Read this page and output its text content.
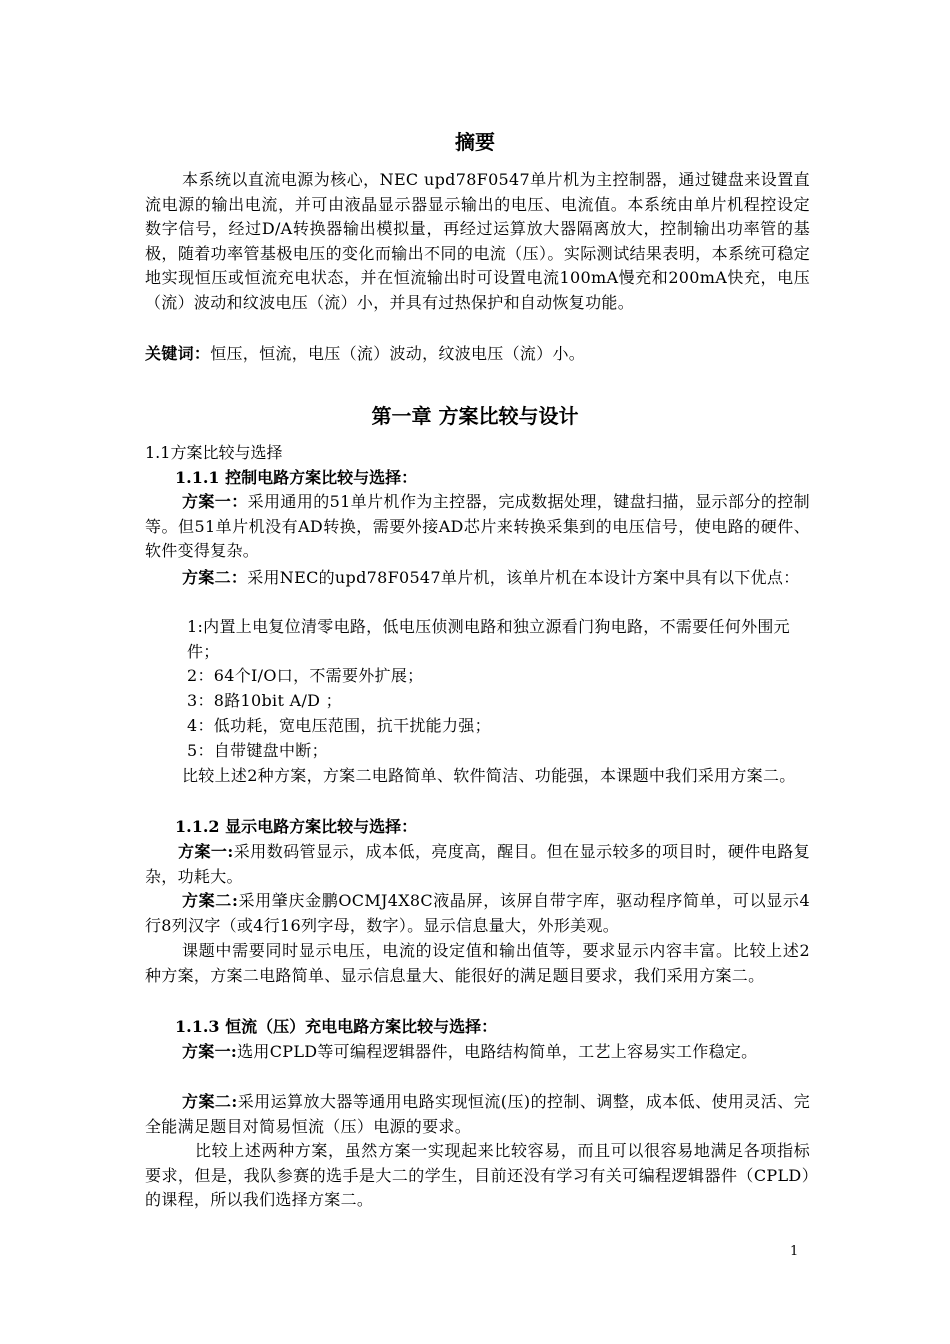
摘要

本系统以直流电源为核心，NEC upd78F0547单片机为主控制器，通过键盘来设置直流电源的输出电流，并可由液晶显示器显示输出的电压、电流值。本系统由单片机程控设定数字信号，经过D/A转换器输出模拟量，再经过运算放大器隔离放大，控制输出功率管的基极，随着功率管基极电压的变化而输出不同的电流（压）。实际测试结果表明，本系统可稳定地实现恒压或恒流充电状态，并在恒流输出时可设置电流100mA慢充和200mA快充，电压（流）波动和纹波电压（流）小，并具有过热保护和自动恢复功能。

关键词：恒压，恒流，电压（流）波动，纹波电压（流）小。

第一章 方案比较与设计

1.1方案比较与选择

1.1.1 控制电路方案比较与选择：

方案一：采用通用的51单片机作为主控器，完成数据处理，键盘扫描，显示部分的控制等。但51单片机没有AD转换，需要外接AD芯片来转换采集到的电压信号，使电路的硬件、软件变得复杂。

方案二：采用NEC的upd78F0547单片机，该单片机在本设计方案中具有以下优点：

1:内置上电复位清零电路，低电压侦测电路和独立源看门狗电路，不需要任何外围元件；

2：64个I/O口，不需要外扩展；

3：8路10bit A/D ；

4：低功耗，宽电压范围，抗干扰能力强；

5：自带键盘中断；

比较上述2种方案，方案二电路简单、软件简洁、功能强，本课题中我们采用方案二。

1.1.2 显示电路方案比较与选择：

方案一:采用数码管显示，成本低，亮度高，醒目。但在显示较多的项目时，硬件电路复杂，功耗大。

方案二:采用肇庆金鹏OCMJ4X8C液晶屏，该屏自带字库，驱动程序简单，可以显示4行8列汉字（或4行16列字母，数字）。显示信息量大，外形美观。

课题中需要同时显示电压，电流的设定值和输出值等，要求显示内容丰富。比较上述2种方案，方案二电路简单、显示信息量大、能很好的满足题目要求，我们采用方案二。

1.1.3 恒流（压）充电电路方案比较与选择：

方案一:选用CPLD等可编程逻辑器件，电路结构简单，工艺上容易实工作稳定。

方案二:采用运算放大器等通用电路实现恒流(压)的控制、调整，成本低、使用灵活、完全能满足题目对简易恒流（压）电源的要求。

比较上述两种方案，虽然方案一实现起来比较容易，而且可以很容易地满足各项指标要求，但是，我队参赛的选手是大二的学生，目前还没有学习有关可编程逻辑器件（CPLD）的课程，所以我们选择方案二。

1
